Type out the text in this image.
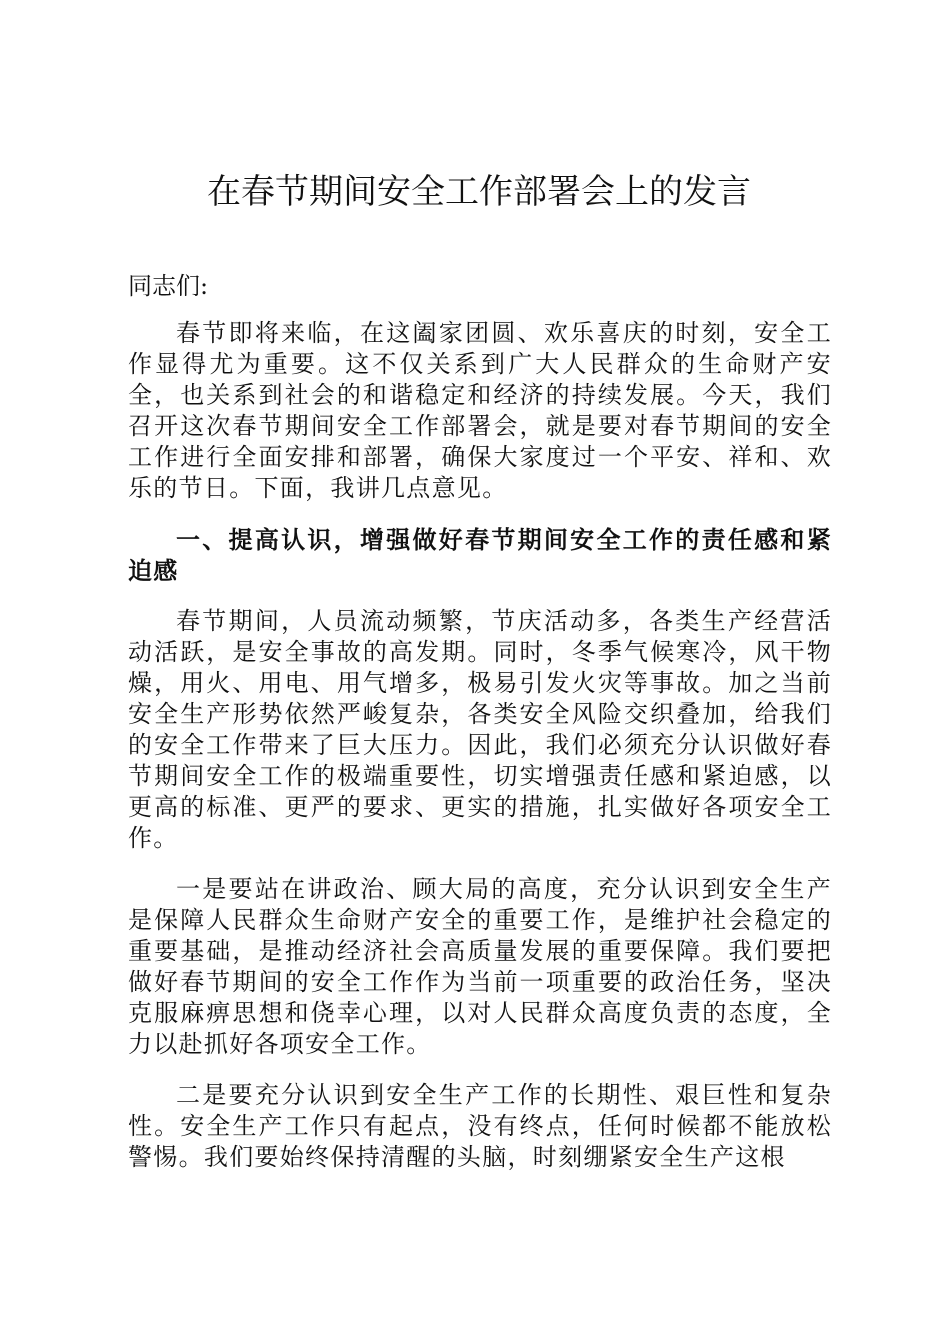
在春节期间安全工作部署会上的发言

同志们:

春节即将来临，在这阖家团圆、欢乐喜庆的时刻，安全工作显得尤为重要。这不仅关系到广大人民群众的生命财产安全，也关系到社会的和谐稳定和经济的持续发展。今天，我们召开这次春节期间安全工作部署会，就是要对春节期间的安全工作进行全面安排和部署，确保大家度过一个平安、祥和、欢乐的节日。下面，我讲几点意见。

一、提高认识，增强做好春节期间安全工作的责任感和紧迫感

春节期间，人员流动频繁，节庆活动多，各类生产经营活动活跃，是安全事故的高发期。同时，冬季气候寒冷，风干物燥，用火、用电、用气增多，极易引发火灾等事故。加之当前安全生产形势依然严峻复杂，各类安全风险交织叠加，给我们的安全工作带来了巨大压力。因此，我们必须充分认识做好春节期间安全工作的极端重要性，切实增强责任感和紧迫感，以更高的标准、更严的要求、更实的措施，扎实做好各项安全工作。

一是要站在讲政治、顾大局的高度，充分认识到安全生产是保障人民群众生命财产安全的重要工作，是维护社会稳定的重要基础，是推动经济社会高质量发展的重要保障。我们要把做好春节期间的安全工作作为当前一项重要的政治任务，坚决克服麻痹思想和侥幸心理，以对人民群众高度负责的态度，全力以赴抓好各项安全工作。

二是要充分认识到安全生产工作的长期性、艰巨性和复杂性。安全生产工作只有起点，没有终点，任何时候都不能放松警惕。我们要始终保持清醒的头脑，时刻绷紧安全生产这根
